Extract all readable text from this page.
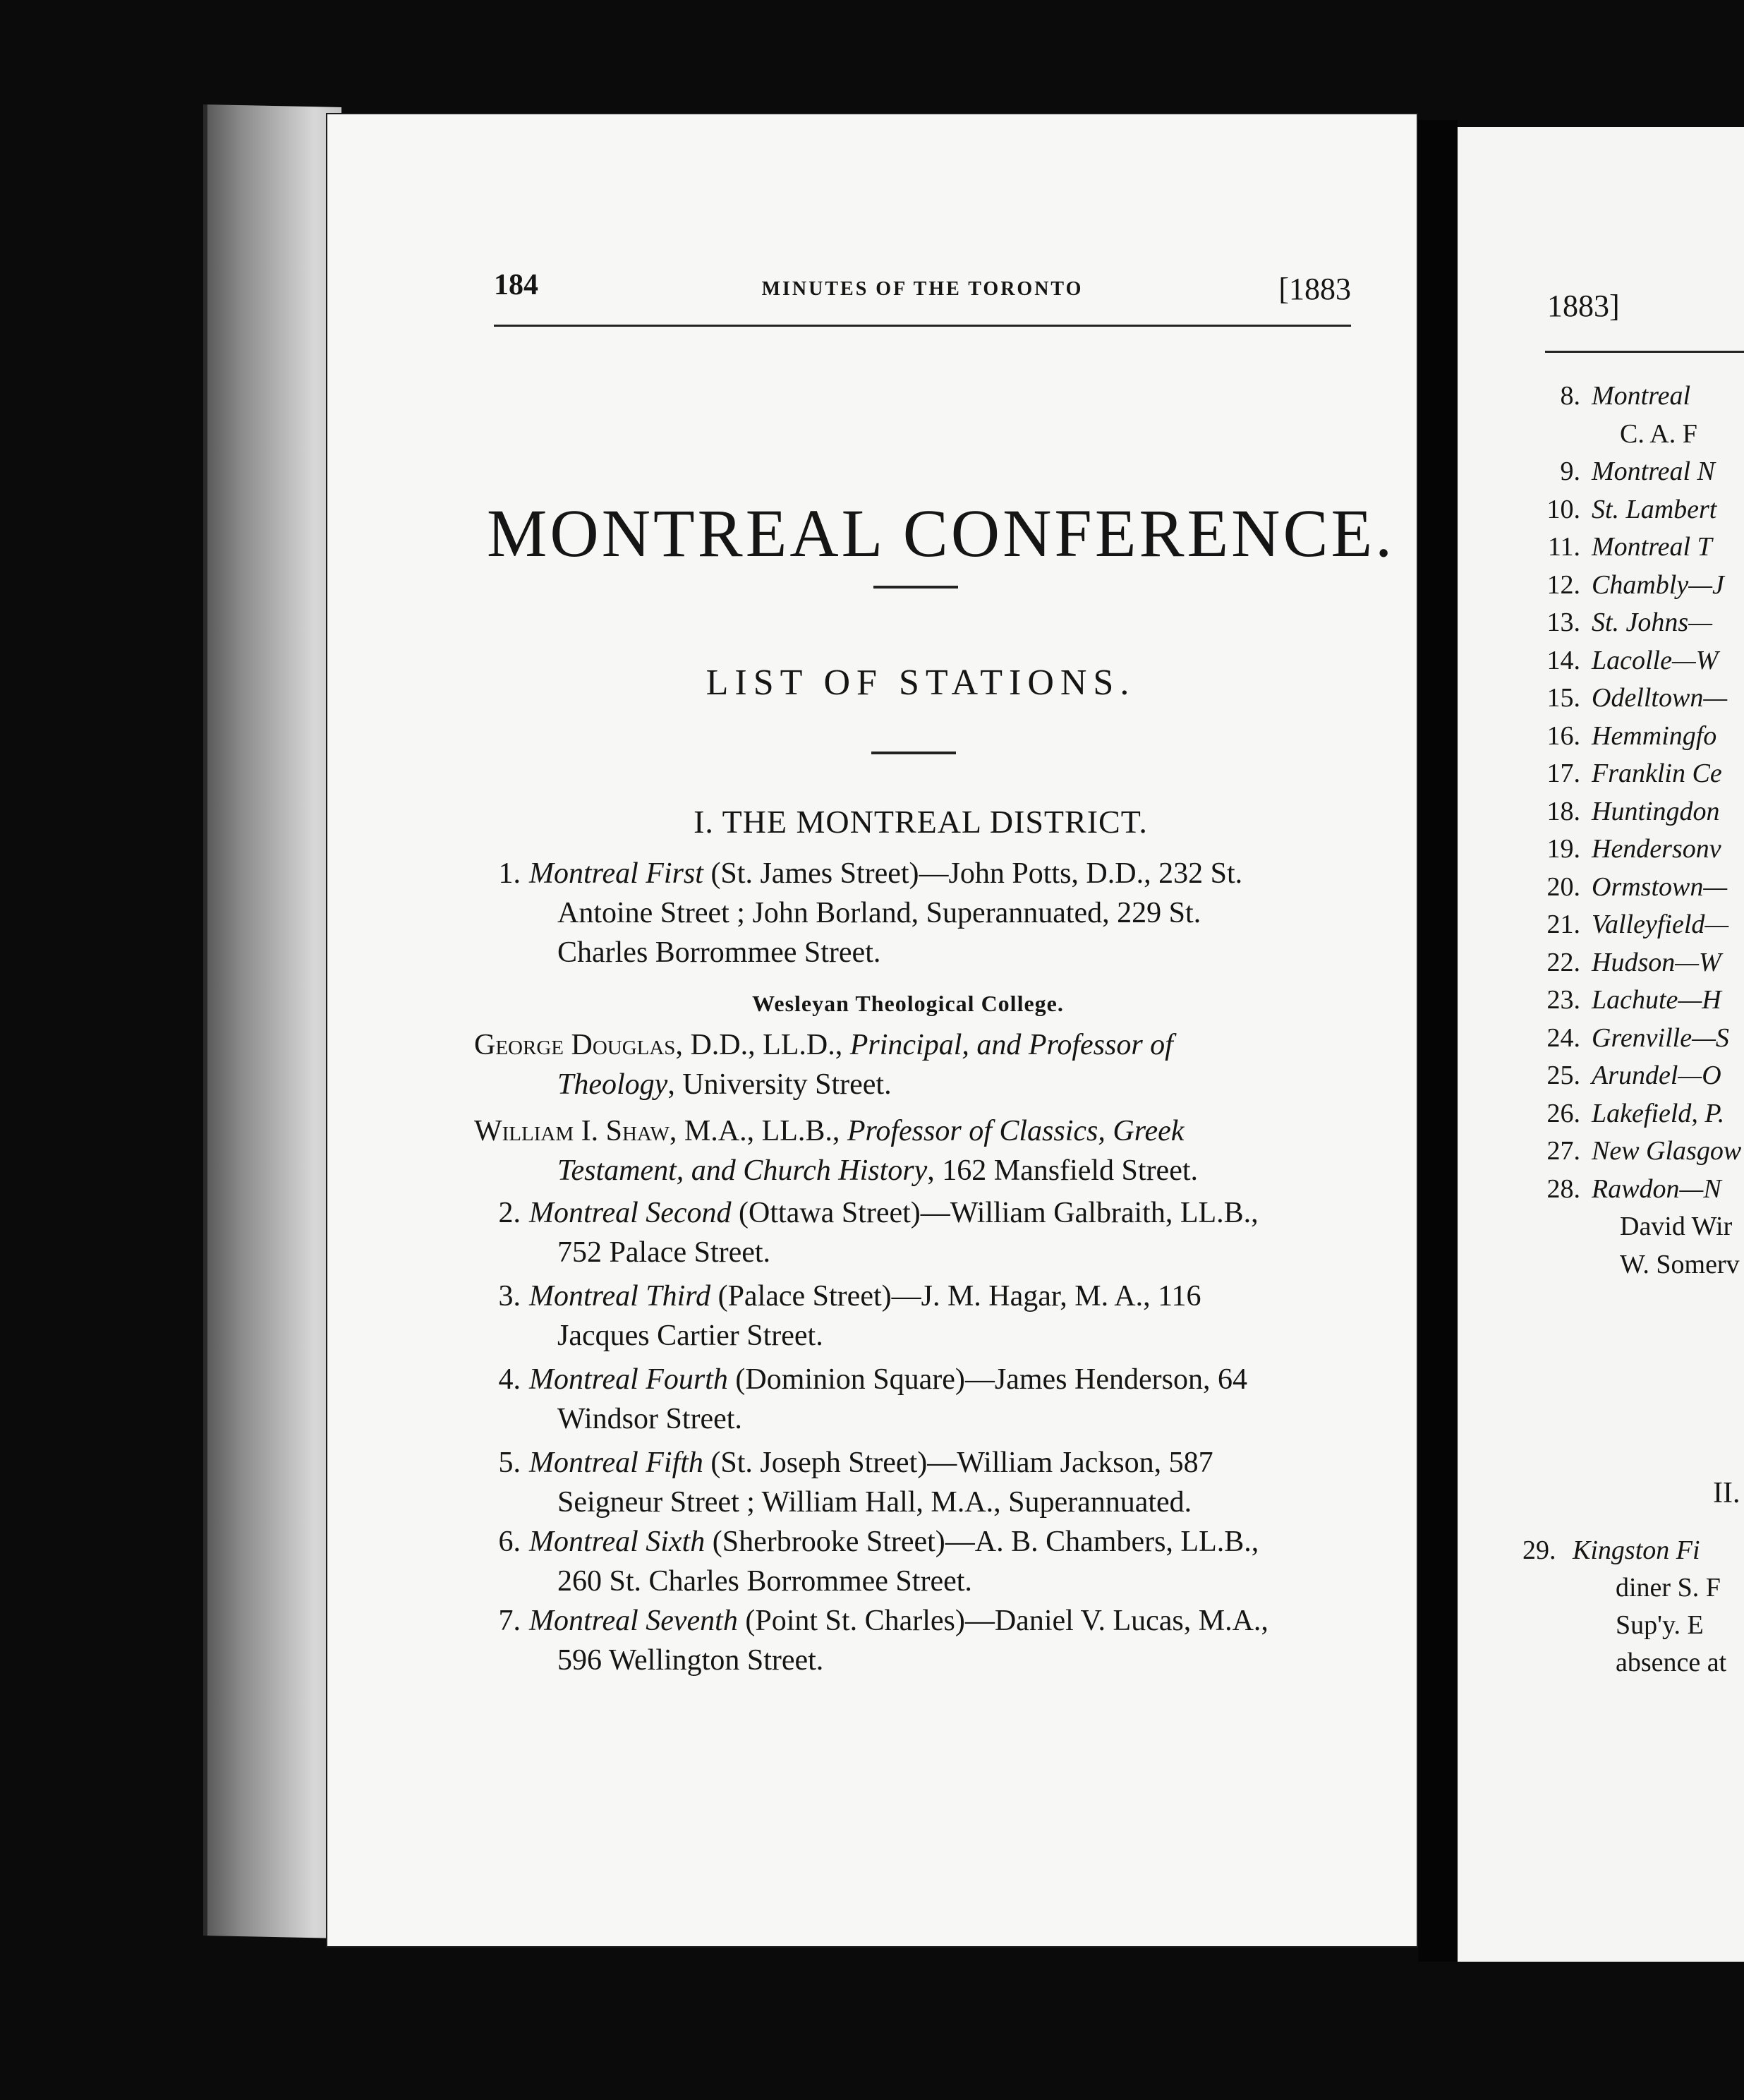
184	MINUTES OF THE TORONTO	[1883
MONTREAL CONFERENCE.
LIST OF STATIONS.
I. THE MONTREAL DISTRICT.
1. Montreal First (St. James Street)—John Potts, D.D., 232 St.
Antoine Street ; John Borland, Superannuated, 229 St.
Charles Borrommee Street.
Wesleyan Theological College.
George Douglas, D.D., LL.D., Principal, and Professor of
Theology, University Street.
William I. Shaw, M.A., LL.B., Professor of Classics, Greek
Testament, and Church History, 162 Mansfield Street.
2. Montreal Second (Ottawa Street)—William Galbraith, LL.B.,
752 Palace Street.
3. Montreal Third (Palace Street)—J. M. Hagar, M. A., 116
Jacques Cartier Street.
4. Montreal Fourth (Dominion Square)—James Henderson, 64
Windsor Street.
5. Montreal Fifth (St. Joseph Street)—William Jackson, 587
Seigneur Street ; William Hall, M.A., Superannuated.
6. Montreal Sixth (Sherbrooke Street)—A. B. Chambers, LL.B.,
260 St. Charles Borrommee Street.
7. Montreal Seventh (Point St. Charles)—Daniel V. Lucas, M.A.,
596 Wellington Street.
1883]
8. Montreal
C. A. F
9. Montreal N
10. St. Lambert
11. Montreal T
12. Chambly—J
13. St. Johns—
14. Lacolle—W
15. Odelltown—
16. Hemmingfo
17. Franklin Ce
18. Huntingdon
19. Hendersonv
20. Ormstown—
21. Valleyfield—
22. Hudson—W
23. Lachute—H
24. Grenville—S
25. Arundel—O
26. Lakefield, P.
27. New Glasgow
28. Rawdon—N
David Wir
W. Somerv
II.
29. Kingston Fi
diner S. F
Sup'y. E
absence at
